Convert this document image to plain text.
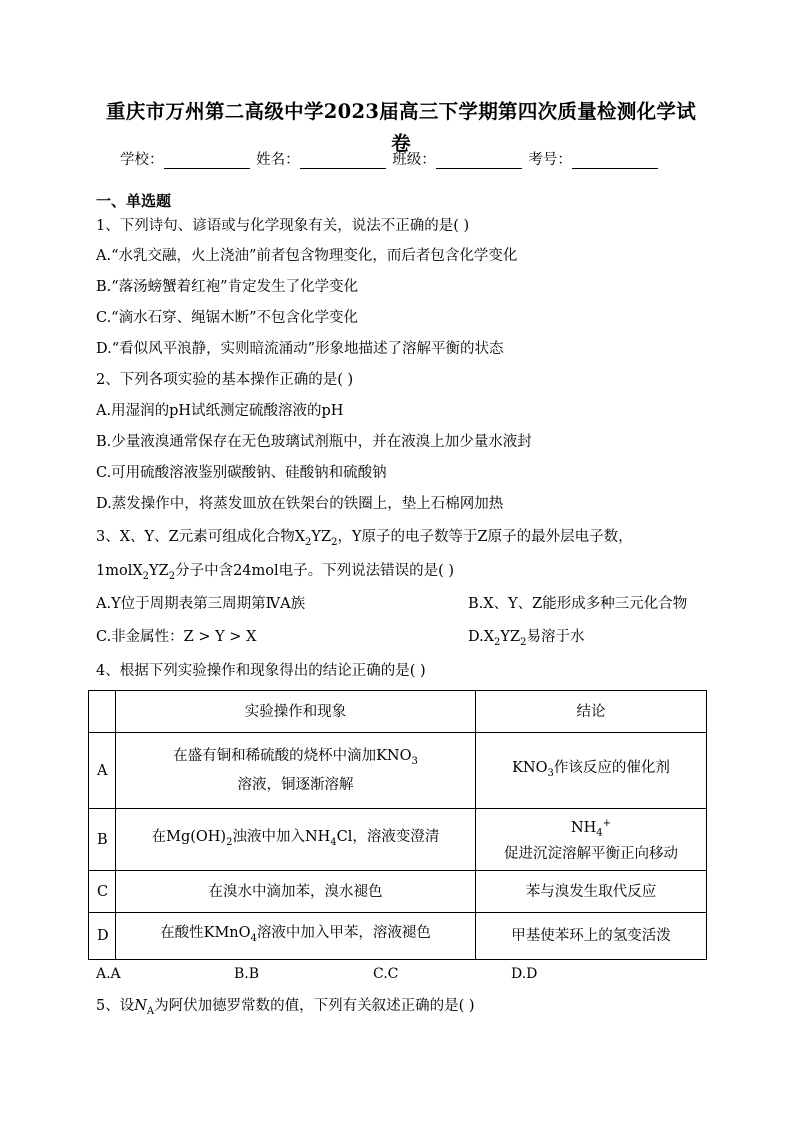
重庆市万州第二高级中学2023届高三下学期第四次质量检测化学试
卷
学校：	姓名：	班级：	考号：
一、单选题
1、下列诗句、谚语或与化学现象有关，说法不正确的是( )
A.“水乳交融，火上浇油”前者包含物理变化，而后者包含化学变化
B.“落汤螃蟹着红袍”肯定发生了化学变化
C.“滴水石穿、绳锯木断”不包含化学变化
D.“看似风平浪静，实则暗流涌动”形象地描述了溶解平衡的状态
2、下列各项实验的基本操作正确的是( )
A.用湿润的pH试纸测定硫酸溶液的pH
B.少量液溴通常保存在无色玻璃试剂瓶中，并在液溴上加少量水液封
C.可用硫酸溶液鉴别碳酸钠、硅酸钠和硫酸钠
D.蒸发操作中，将蒸发皿放在铁架台的铁圈上，垫上石棉网加热
3、X、Y、Z元素可组成化合物$X_2YZ_2$，Y原子的电子数等于Z原子的最外层电子数，
$1molX_2YZ_2$分子中含24mol电子。下列说法错误的是( )
A.Y位于周期表第三周期第ⅣA族	B.X、Y、Z能形成多种三元化合物
C.非金属性：Z > Y > X	$D.X_2YZ_2$易溶于水
4、根据下列实验操作和现象得出的结论正确的是( )
	实验操作和现象	结论
A	在盛有铜和稀硫酸的烧杯中滴加$KNO_3$
溶液，铜逐渐溶解	$KNO_3$作该反应的催化剂
B	在$Mg(OH)_2$浊液中加入$NH_4Cl$，溶液变澄清	$NH_4^+$
促进沉淀溶解平衡正向移动

C	在溴水中滴加苯，溴水褪色	苯与溴发生取代反应
D	在酸性KMnO$_4$溶液中加入甲苯，溶液褪色	甲基使苯环上的氢变活泼
A.A	B.B	C.C	D.D
5、设$N_A$为阿伏加德罗常数的值，下列有关叙述正确的是( )
